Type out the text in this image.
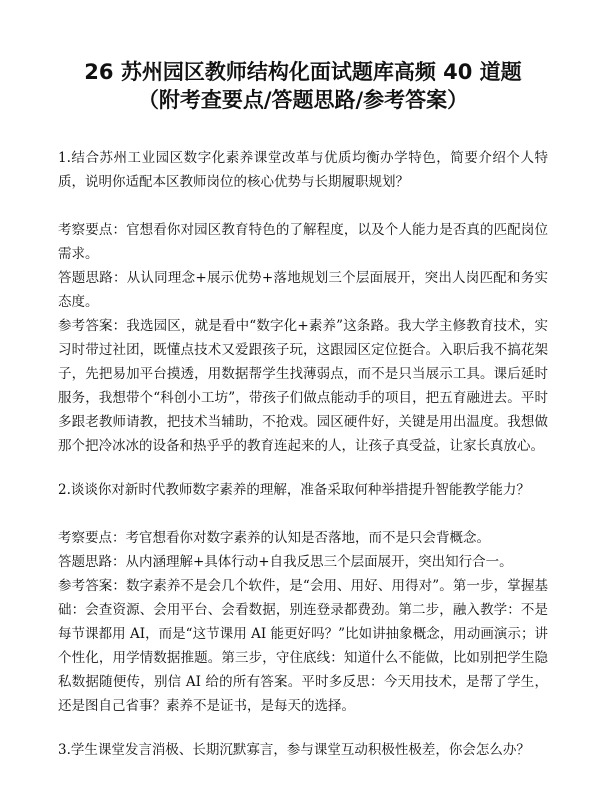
26 苏州园区教师结构化面试题库高频 40 道题
（附考查要点/答题思路/参考答案）

1.结合苏州工业园区数字化素养课堂改革与优质均衡办学特色，简要介绍个人特质，说明你适配本区教师岗位的核心优势与长期履职规划？

考察要点：官想看你对园区教育特色的了解程度，以及个人能力是否真的匹配岗位需求。

答题思路：从认同理念+展示优势+落地规划三个层面展开，突出人岗匹配和务实态度。

参考答案：我选园区，就是看中“数字化+素养”这条路。我大学主修教育技术，实习时带过社团，既懂点技术又爱跟孩子玩，这跟园区定位挺合。入职后我不搞花架子，先把易加平台摸透，用数据帮学生找薄弱点，而不是只当展示工具。课后延时服务，我想带个“科创小工坊”，带孩子们做点能动手的项目，把五育融进去。平时多跟老教师请教，把技术当辅助，不抢戏。园区硬件好，关键是用出温度。我想做那个把冷冰冰的设备和热乎乎的教育连起来的人，让孩子真受益，让家长真放心。

2.谈谈你对新时代教师数字素养的理解，准备采取何种举措提升智能教学能力？

考察要点：考官想看你对数字素养的认知是否落地，而不是只会背概念。

答题思路：从内涵理解+具体行动+自我反思三个层面展开，突出知行合一。

参考答案：数字素养不是会几个软件，是“会用、用好、用得对”。第一步，掌握基础：会查资源、会用平台、会看数据，别连登录都费劲。第二步，融入教学：不是每节课都用 AI，而是“这节课用 AI 能更好吗？”比如讲抽象概念，用动画演示；讲个性化，用学情数据推题。第三步，守住底线：知道什么不能做，比如别把学生隐私数据随便传，别信 AI 给的所有答案。平时多反思：今天用技术，是帮了学生，还是图自己省事？素养不是证书，是每天的选择。

3.学生课堂发言消极、长期沉默寡言，参与课堂互动积极性极差，你会怎么办？
